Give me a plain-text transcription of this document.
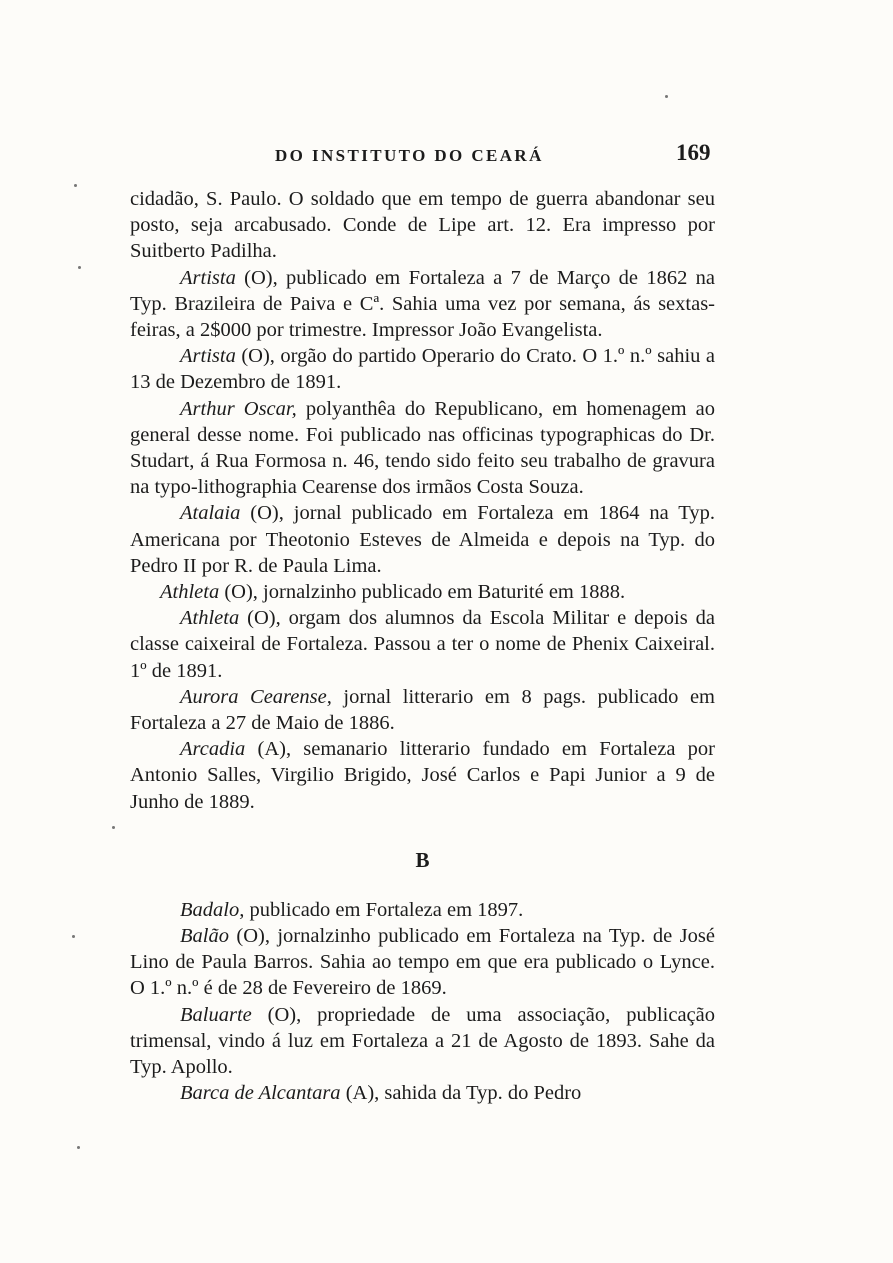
DO INSTITUTO DO CEARÁ	169

cidadão, S. Paulo. O soldado que em tempo de guerra abandonar seu posto, seja arcabusado. Conde de Lipe art. 12. Era impresso por Suitberto Padilha.

Artista (O), publicado em Fortaleza a 7 de Março de 1862 na Typ. Brazileira de Paiva e Cª. Sahia uma vez por semana, ás sextas-feiras, a 2$000 por trimestre. Impressor João Evangelista.

Artista (O), orgão do partido Operario do Crato. O 1.º n.º sahiu a 13 de Dezembro de 1891.

Arthur Oscar, polyanthêa do Republicano, em homenagem ao general desse nome. Foi publicado nas officinas typographicas do Dr. Studart, á Rua Formosa n. 46, tendo sido feito seu trabalho de gravura na typo-lithographia Cearense dos irmãos Costa Souza.

Atalaia (O), jornal publicado em Fortaleza em 1864 na Typ. Americana por Theotonio Esteves de Almeida e depois na Typ. do Pedro II por R. de Paula Lima.

Athleta (O), jornalzinho publicado em Baturité em 1888.

Athleta (O), orgam dos alumnos da Escola Militar e depois da classe caixeiral de Fortaleza. Passou a ter o nome de Phenix Caixeiral. 1º de 1891.

Aurora Cearense, jornal litterario em 8 pags. publicado em Fortaleza a 27 de Maio de 1886.

Arcadia (A), semanario litterario fundado em Fortaleza por Antonio Salles, Virgilio Brigido, José Carlos e Papi Junior a 9 de Junho de 1889.

B

Badalo, publicado em Fortaleza em 1897.

Balão (O), jornalzinho publicado em Fortaleza na Typ. de José Lino de Paula Barros. Sahia ao tempo em que era publicado o Lynce. O 1.º n.º é de 28 de Fevereiro de 1869.

Baluarte (O), propriedade de uma associação, publicação trimensal, vindo á luz em Fortaleza a 21 de Agosto de 1893. Sahe da Typ. Apollo.

Barca de Alcantara (A), sahida da Typ. do Pedro
